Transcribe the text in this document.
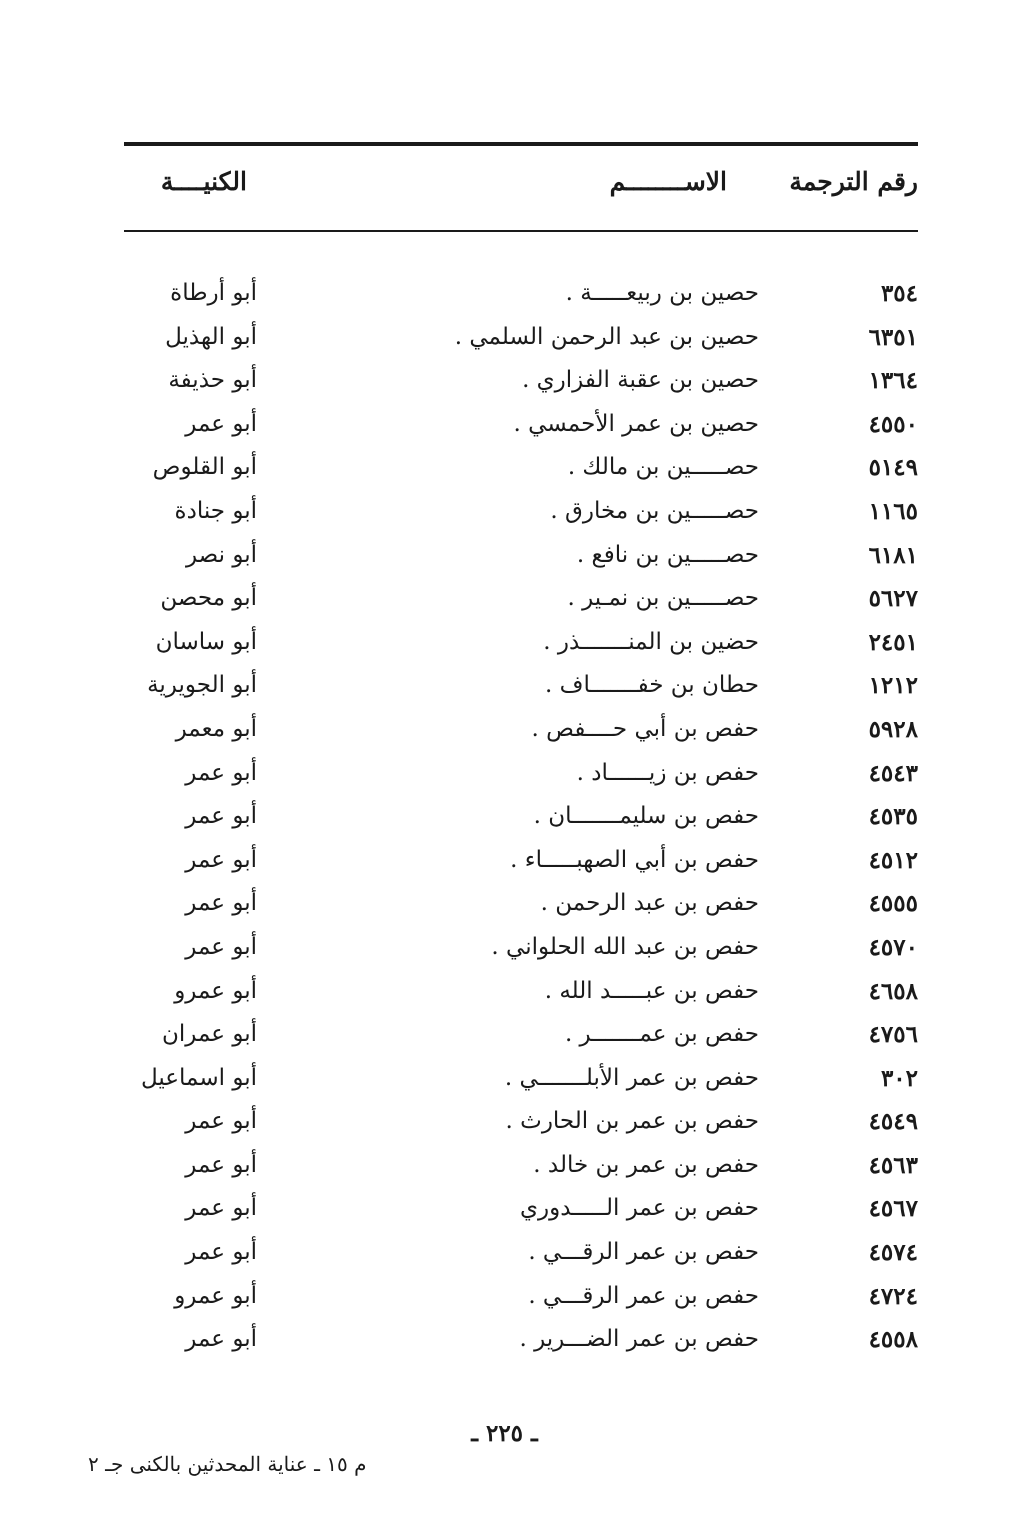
رقم الترجمة
الاســــــــم
الكنيــــة
٣٥٤
حصين بن ربيعـــــة .
أبو أرطاة
٦٣٥١
حصين بن عبد الرحمن السلمي .
أبو الهذيل
١٣٦٤
حصين بن عقبة الفزاري .
أبو حذيفة
٤٥٥٠
حصين بن عمر الأحمسي .
أبو عمر
٥١٤٩
حصـــــين بن مالك .
أبو القلوص
١١٦٥
حصـــــين بن مخارق .
أبو جنادة
٦١٨١
حصـــــين بن نافع .
أبو نصر
٥٦٢٧
حصـــــين بن نمـير .
أبو محصن
٢٤٥١
حضين بن المنـــــــذر .
أبو ساسان
١٢١٢
حطان بن خفـــــــاف .
أبو الجويرية
٥٩٢٨
حفص بن أبي حــــفص .
أبو معمر
٤٥٤٣
حفص بن زيــــــاد .
أبو عمر
٤٥٣٥
حفص بن سليمـــــــان .
أبو عمر
٤٥١٢
حفص بن أبي الصهبـــــاء .
أبو عمر
٤٥٥٥
حفص بن عبد الرحمن .
أبو عمر
٤٥٧٠
حفص بن عبد الله الحلواني .
أبو عمر
٤٦٥٨
حفص بن عبـــــد الله .
أبو عمرو
٤٧٥٦
حفص بن عمـــــــر .
أبو عمران
٣٠٢
حفص بن عمر الأبلـــــــي .
أبو اسماعيل
٤٥٤٩
حفص بن عمر بن الحارث .
أبو عمر
٤٥٦٣
حفص بن عمر بن خالد .
أبو عمر
٤٥٦٧
حفص بن عمر الـــــدوري
أبو عمر
٤٥٧٤
حفص بن عمر الرقـــي .
أبو عمر
٤٧٢٤
حفص بن عمر الرقـــي .
أبو عمرو
٤٥٥٨
حفص بن عمر الضـــرير .
أبو عمر
ـ ٢٢٥ ـ
م ١٥ ـ عناية المحدثين بالكنى جـ ٢
